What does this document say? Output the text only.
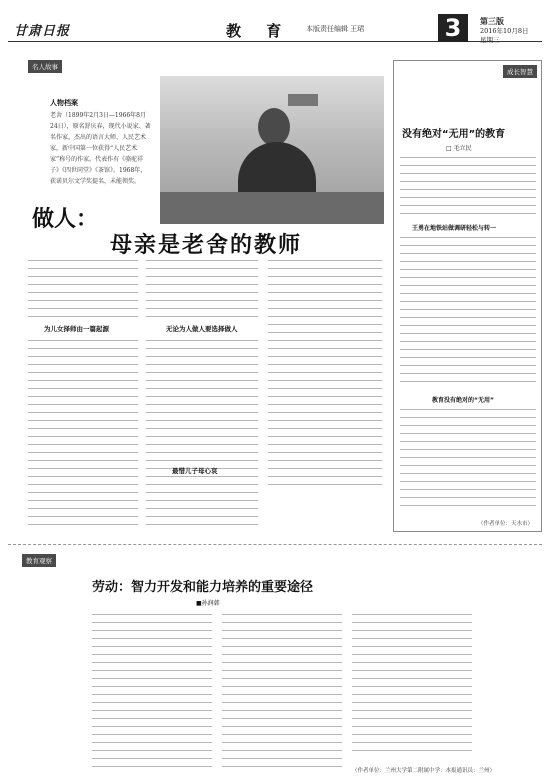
甘肃日报	教 育 本版责任编辑 王珺	3	第三版
2016年10月8日
星期三
名人故事
人物档案
老舍（1899年2月3日—1966年8月24日），原名舒庆春，现代小说家、著名作家，杰出的语言大师、人民艺术家，新中国第一位获得“人民艺术家”称号的作家。代表作有《骆驼祥子》《四世同堂》《茶馆》。1968年，获诺贝尔文学奖提名，未能领奖。
做人：
母亲是老舍的教师
为儿女择师由一篇起源	无论为人做人要选择做人
最惜儿子母心哀
成长智慧
没有绝对“无用”的教育
□ 毛立民
王勇在地铁站做调研轻松与转一
教育没有绝对的“无用”
（作者单位：天水市）
教育观察
劳动：智力开发和能力培养的重要途径
■孙润韩
（作者单位：兰州大学第二附属中学：本报通讯员：兰州）
